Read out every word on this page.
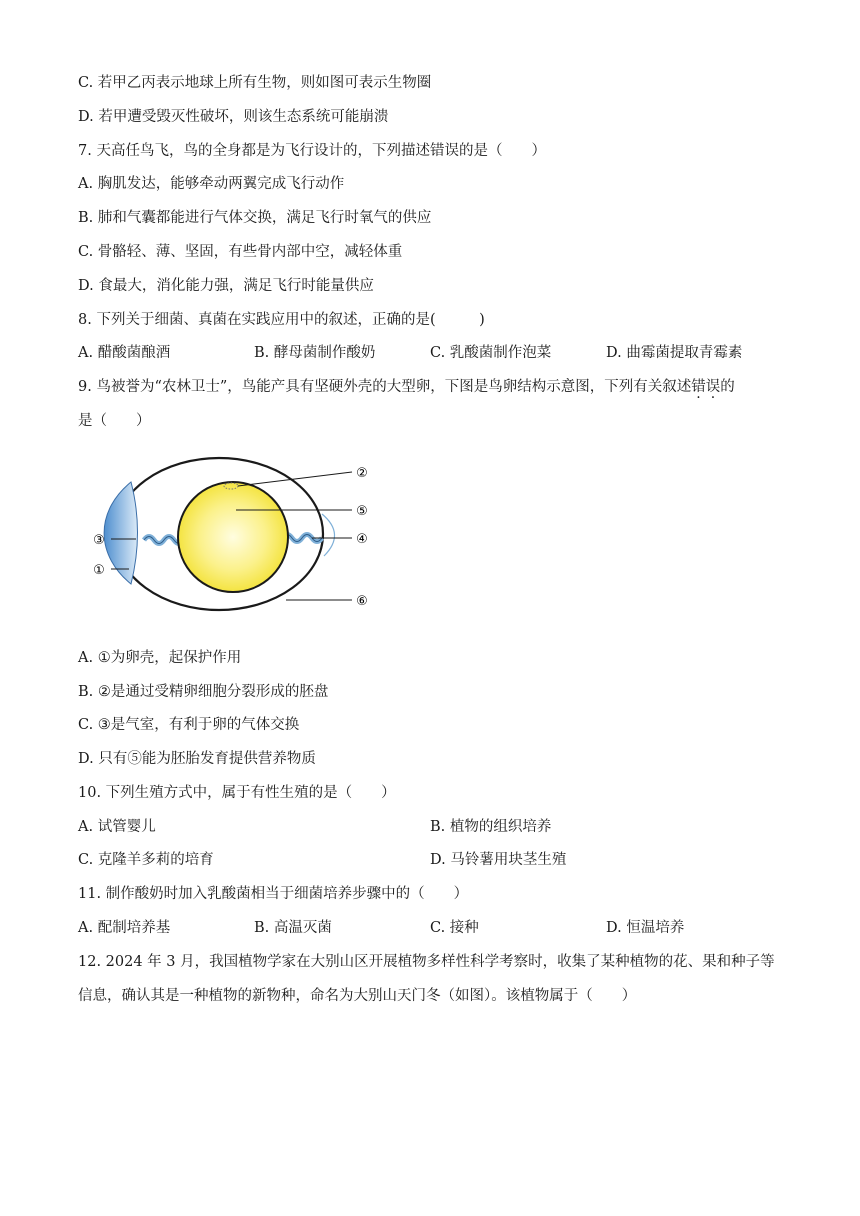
C. 若甲乙丙表示地球上所有生物，则如图可表示生物圈
D. 若甲遭受毁灭性破坏，则该生态系统可能崩溃
7. 天高任鸟飞，鸟的全身都是为飞行设计的，下列描述错误的是（　　）
A. 胸肌发达，能够牵动两翼完成飞行动作
B. 肺和气囊都能进行气体交换，满足飞行时氧气的供应
C. 骨骼轻、薄、坚固，有些骨内部中空，减轻体重
D. 食最大，消化能力强，满足飞行时能量供应
8. 下列关于细菌、真菌在实践应用中的叙述，正确的是(　　　)
A. 醋酸菌酿酒	B. 酵母菌制作酸奶	C. 乳酸菌制作泡菜	D. 曲霉菌提取青霉素
9. 鸟被誉为“农林卫士”，鸟能产具有坚硬外壳的大型卵，下图是鸟卵结构示意图，下列有关叙述错误的
是（　　）
②
⑤
④
⑥
③
①
A. ①为卵壳，起保护作用
B. ②是通过受精卵细胞分裂形成的胚盘
C. ③是气室，有利于卵的气体交换
D. 只有⑤能为胚胎发育提供营养物质
10. 下列生殖方式中，属于有性生殖的是（　　）
A. 试管婴儿	B. 植物的组织培养
C. 克隆羊多莉的培育	D. 马铃薯用块茎生殖
11. 制作酸奶时加入乳酸菌相当于细菌培养步骤中的（　　）
A. 配制培养基	B. 高温灭菌	C. 接种	D. 恒温培养
12. 2024 年 3 月，我国植物学家在大别山区开展植物多样性科学考察时，收集了某种植物的花、果和种子等
信息，确认其是一种植物的新物种，命名为大别山天门冬（如图）。该植物属于（　　）
